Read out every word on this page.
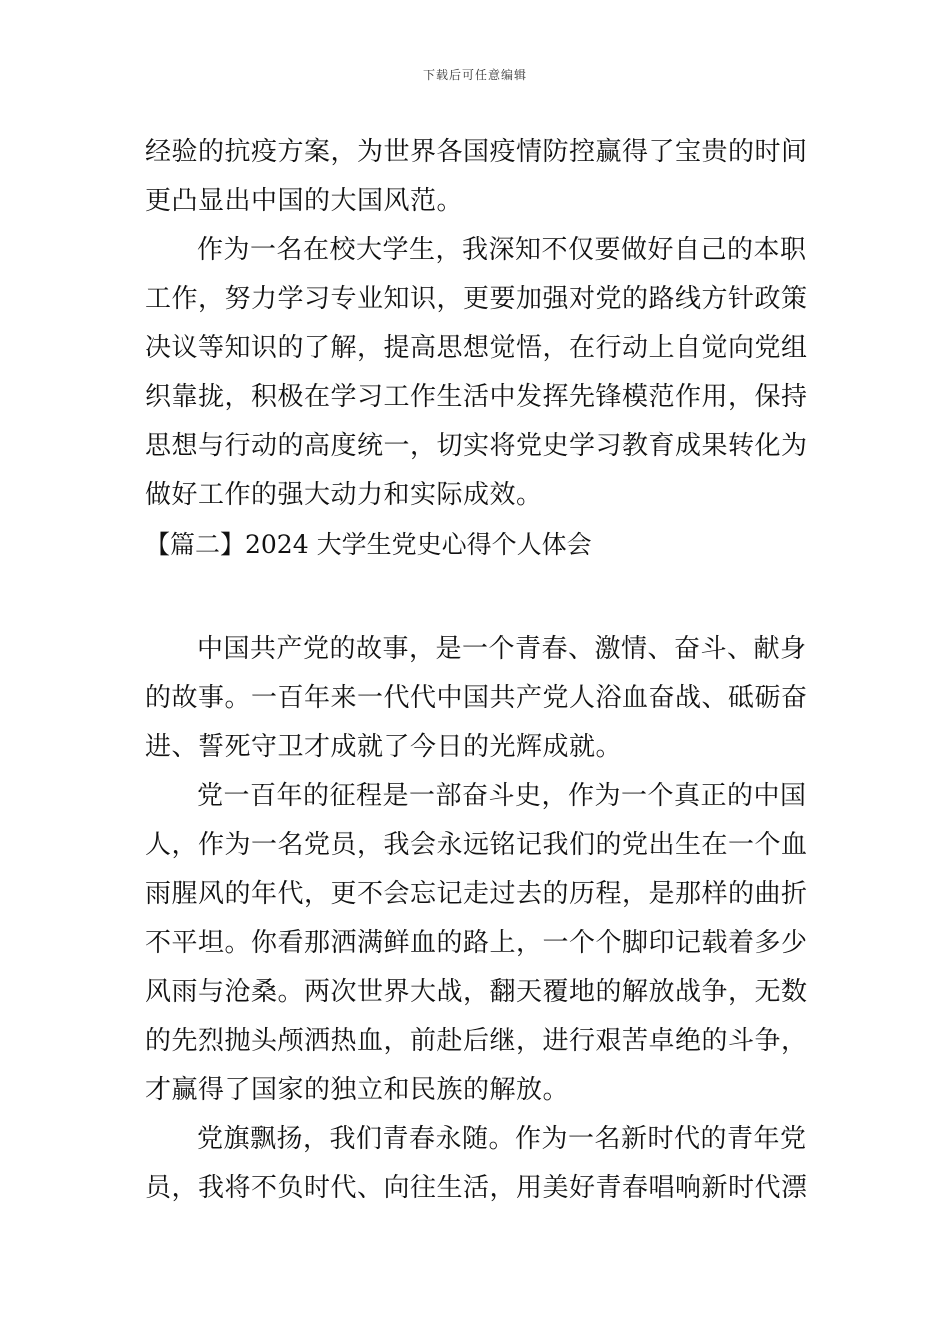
下载后可任意编辑
经验的抗疫方案，为世界各国疫情防控赢得了宝贵的时间
更凸显出中国的大国风范。
作为一名在校大学生，我深知不仅要做好自己的本职
工作，努力学习专业知识，更要加强对党的路线方针政策
决议等知识的了解，提高思想觉悟，在行动上自觉向党组
织靠拢，积极在学习工作生活中发挥先锋模范作用，保持
思想与行动的高度统一，切实将党史学习教育成果转化为
做好工作的强大动力和实际成效。
【篇二】2024 大学生党史心得个人体会
中国共产党的故事，是一个青春、激情、奋斗、献身
的故事。一百年来一代代中国共产党人浴血奋战、砥砺奋
进、誓死守卫才成就了今日的光辉成就。
党一百年的征程是一部奋斗史，作为一个真正的中国
人，作为一名党员，我会永远铭记我们的党出生在一个血
雨腥风的年代，更不会忘记走过去的历程，是那样的曲折
不平坦。你看那洒满鲜血的路上，一个个脚印记载着多少
风雨与沧桑。两次世界大战，翻天覆地的解放战争，无数
的先烈抛头颅洒热血，前赴后继，进行艰苦卓绝的斗争，
才赢得了国家的独立和民族的解放。
党旗飘扬，我们青春永随。作为一名新时代的青年党
员，我将不负时代、向往生活，用美好青春唱响新时代漂
